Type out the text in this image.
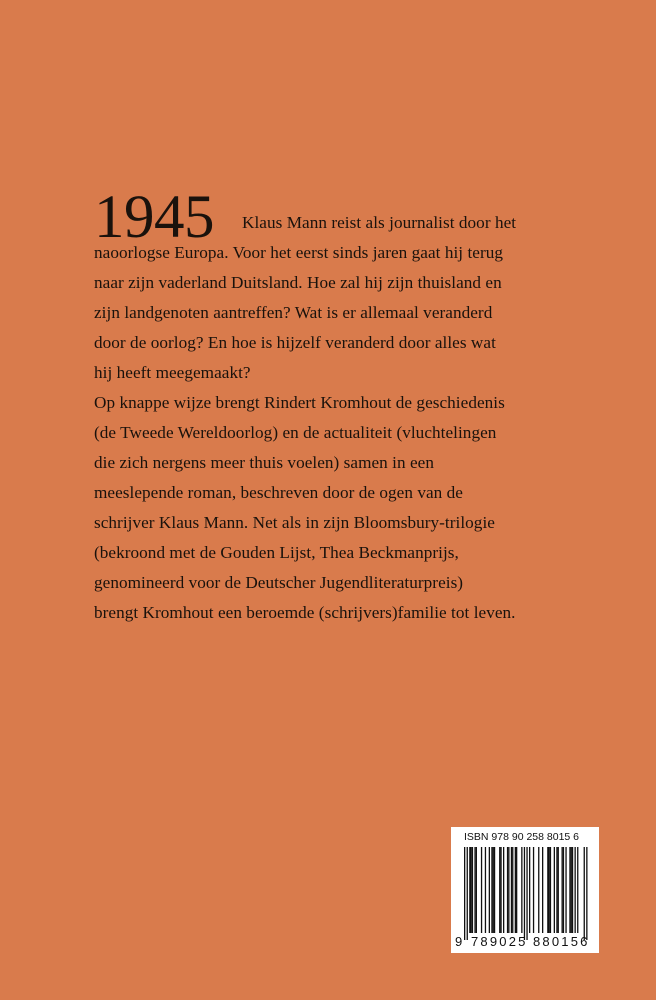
1945 Klaus Mann reist als journalist door het
naoorlogse Europa. Voor het eerst sinds jaren gaat hij terug
naar zijn vaderland Duitsland. Hoe zal hij zijn thuisland en
zijn landgenoten aantreffen? Wat is er allemaal veranderd
door de oorlog? En hoe is hijzelf veranderd door alles wat
hij heeft meegemaakt?
Op knappe wijze brengt Rindert Kromhout de geschiedenis
(de Tweede Wereldoorlog) en de actualiteit (vluchtelingen
die zich nergens meer thuis voelen) samen in een
meeslepende roman, beschreven door de ogen van de
schrijver Klaus Mann. Net als in zijn Bloomsbury-trilogie
(bekroond met de Gouden Lijst, Thea Beckmanprijs,
genomineerd voor de Deutscher Jugendliteraturpreis)
brengt Kromhout een beroemde (schrijvers)familie tot leven.
ISBN 978 90 258 8015 6
9 789025 880156
